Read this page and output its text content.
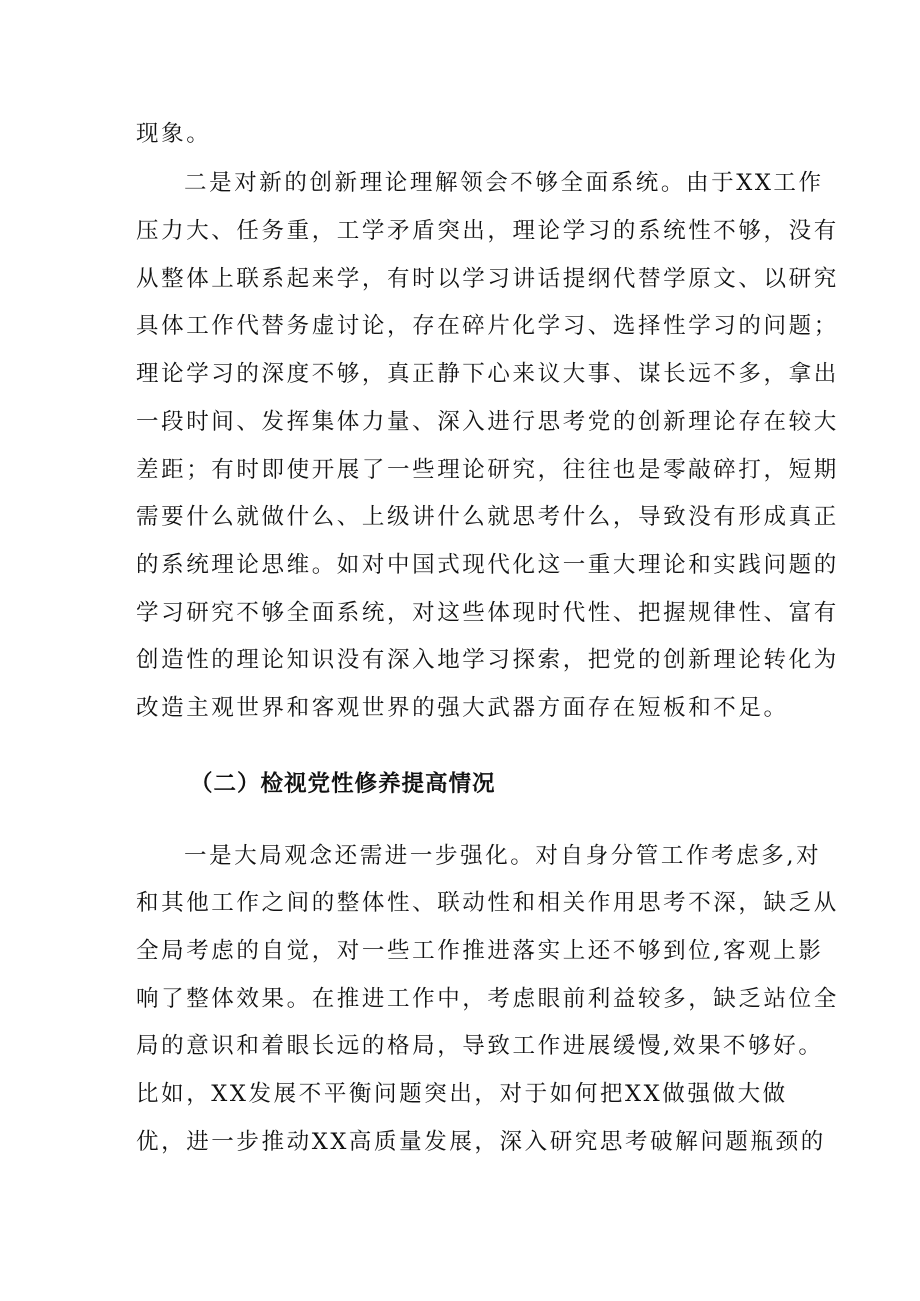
现象。
二是对新的创新理论理解领会不够全面系统。由于XX工作
压力大、任务重，工学矛盾突出，理论学习的系统性不够，没有
从整体上联系起来学，有时以学习讲话提纲代替学原文、以研究
具体工作代替务虚讨论，存在碎片化学习、选择性学习的问题；
理论学习的深度不够，真正静下心来议大事、谋长远不多，拿出
一段时间、发挥集体力量、深入进行思考党的创新理论存在较大
差距；有时即使开展了一些理论研究，往往也是零敲碎打，短期
需要什么就做什么、上级讲什么就思考什么，导致没有形成真正
的系统理论思维。如对中国式现代化这一重大理论和实践问题的
学习研究不够全面系统，对这些体现时代性、把握规律性、富有
创造性的理论知识没有深入地学习探索，把党的创新理论转化为
改造主观世界和客观世界的强大武器方面存在短板和不足。
（二）检视党性修养提高情况
一是大局观念还需进一步强化。对自身分管工作考虑多,对
和其他工作之间的整体性、联动性和相关作用思考不深，缺乏从
全局考虑的自觉，对一些工作推进落实上还不够到位,客观上影
响了整体效果。在推进工作中，考虑眼前利益较多，缺乏站位全
局的意识和着眼长远的格局，导致工作进展缓慢,效果不够好。
比如，XX发展不平衡问题突出，对于如何把XX做强做大做
优，进一步推动XX高质量发展，深入研究思考破解问题瓶颈的
